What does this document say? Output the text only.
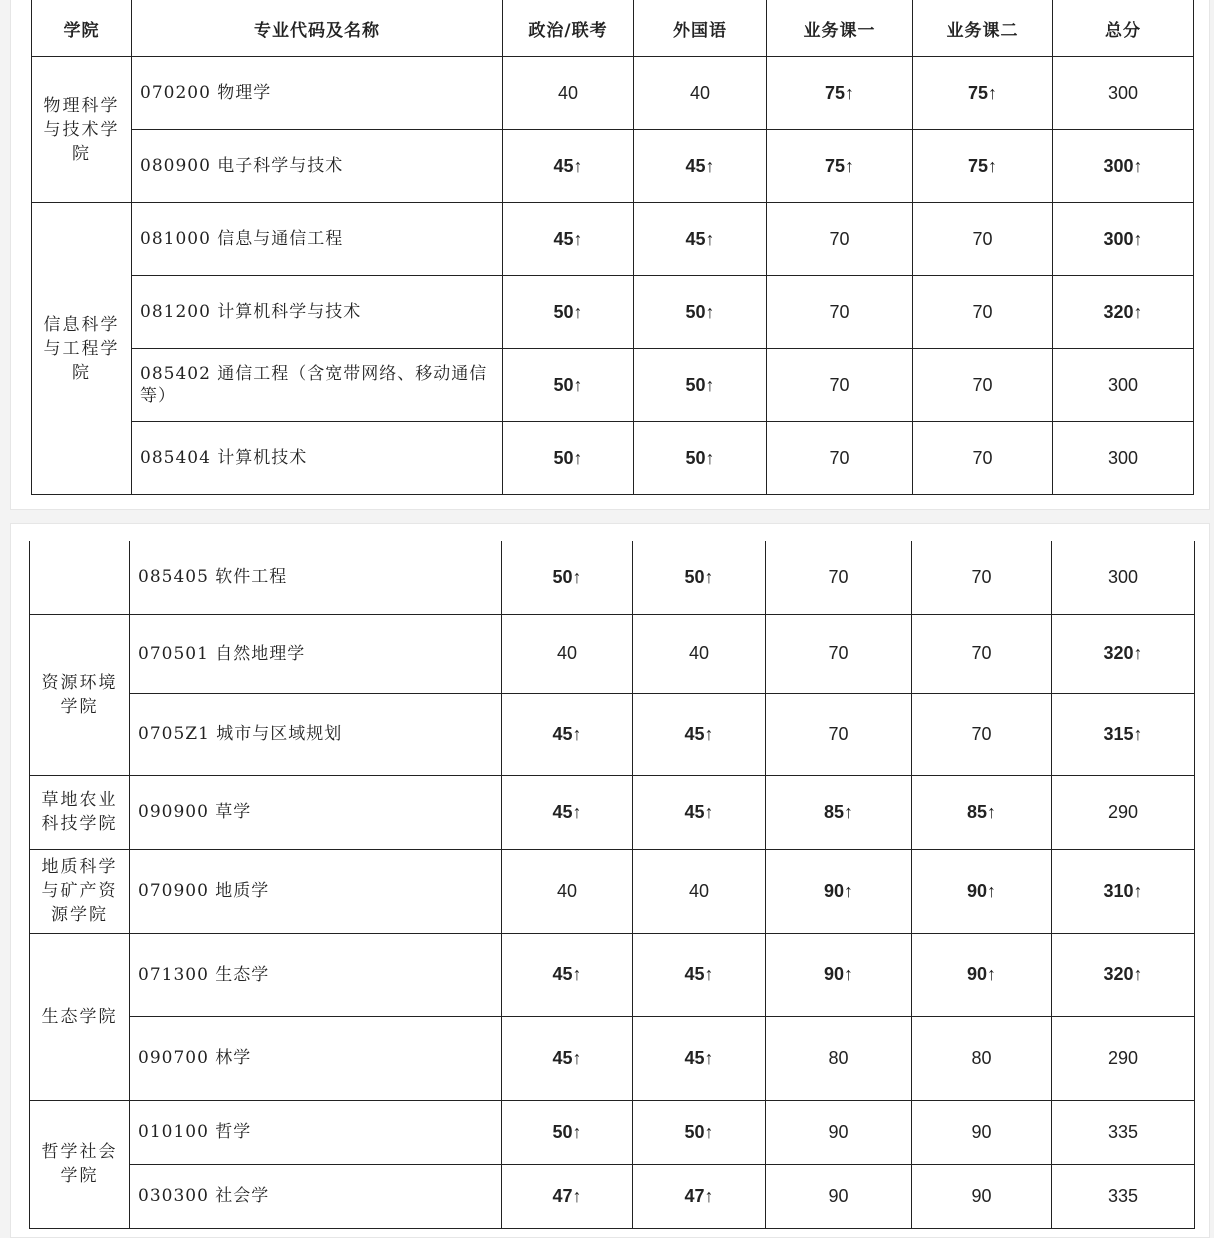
学院	专业代码及名称	政治/联考	外国语	业务课一	业务课二	总分
物理科学与技术学院	070200 物理学	40	40	75↑	75↑	300
	080900 电子科学与技术	45↑	45↑	75↑	75↑	300↑
信息科学与工程学院	081000 信息与通信工程	45↑	45↑	70	70	300↑
	081200 计算机科学与技术	50↑	50↑	70	70	320↑
	085402 通信工程（含宽带网络、移动通信等）	50↑	50↑	70	70	300
	085404 计算机技术	50↑	50↑	70	70	300
	085405 软件工程	50↑	50↑	70	70	300
资源环境学院	070501 自然地理学	40	40	70	70	320↑
	0705Z1 城市与区域规划	45↑	45↑	70	70	315↑
草地农业科技学院	090900 草学	45↑	45↑	85↑	85↑	290
地质科学与矿产资源学院	070900 地质学	40	40	90↑	90↑	310↑
生态学院	071300 生态学	45↑	45↑	90↑	90↑	320↑
	090700 林学	45↑	45↑	80	80	290
哲学社会学院	010100 哲学	50↑	50↑	90	90	335
	030300 社会学	47↑	47↑	90	90	335
